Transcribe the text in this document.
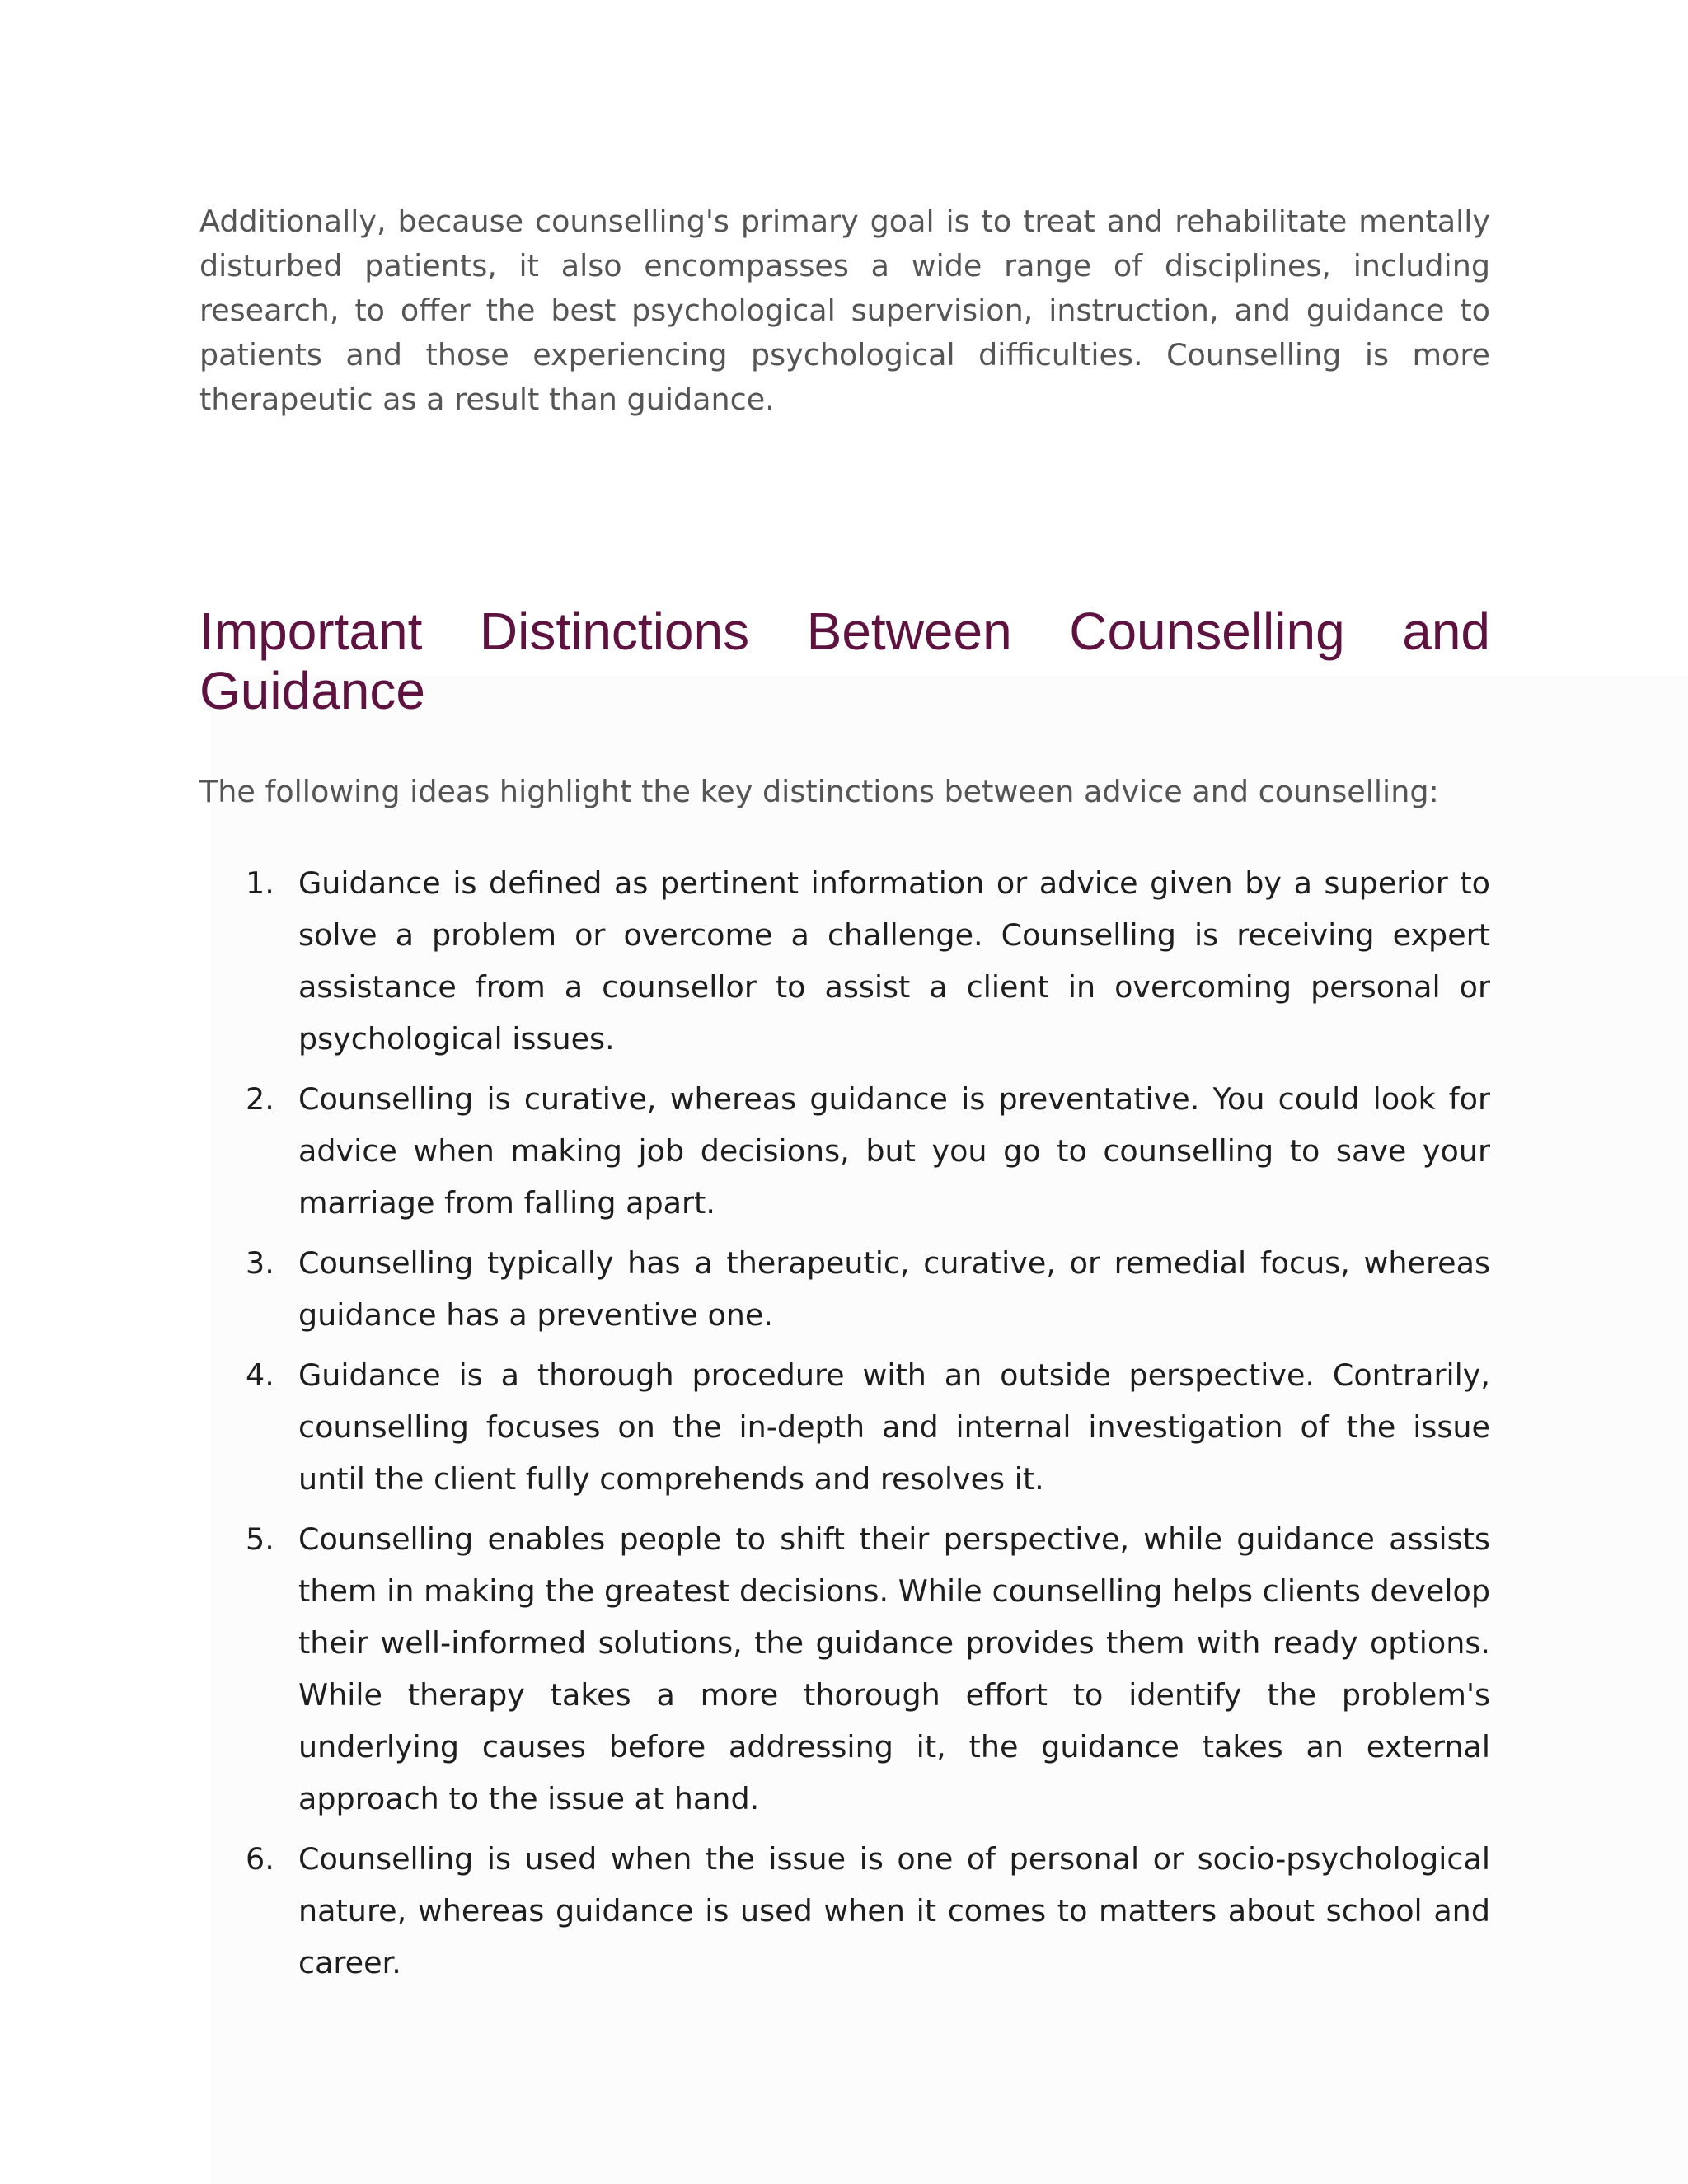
Additionally, because counselling's primary goal is to treat and rehabilitate mentally disturbed patients, it also encompasses a wide range of disciplines, including research, to offer the best psychological supervision, instruction, and guidance to patients and those experiencing psychological difficulties. Counselling is more therapeutic as a result than guidance.

Important Distinctions Between Counselling and Guidance

The following ideas highlight the key distinctions between advice and counselling:

1. Guidance is defined as pertinent information or advice given by a superior to solve a problem or overcome a challenge. Counselling is receiving expert assistance from a counsellor to assist a client in overcoming personal or psychological issues.
2. Counselling is curative, whereas guidance is preventative. You could look for advice when making job decisions, but you go to counselling to save your marriage from falling apart.
3. Counselling typically has a therapeutic, curative, or remedial focus, whereas guidance has a preventive one.
4. Guidance is a thorough procedure with an outside perspective. Contrarily, counselling focuses on the in-depth and internal investigation of the issue until the client fully comprehends and resolves it.
5. Counselling enables people to shift their perspective, while guidance assists them in making the greatest decisions. While counselling helps clients develop their well-informed solutions, the guidance provides them with ready options. While therapy takes a more thorough effort to identify the problem's underlying causes before addressing it, the guidance takes an external approach to the issue at hand.
6. Counselling is used when the issue is one of personal or socio-psychological nature, whereas guidance is used when it comes to matters about school and career.
